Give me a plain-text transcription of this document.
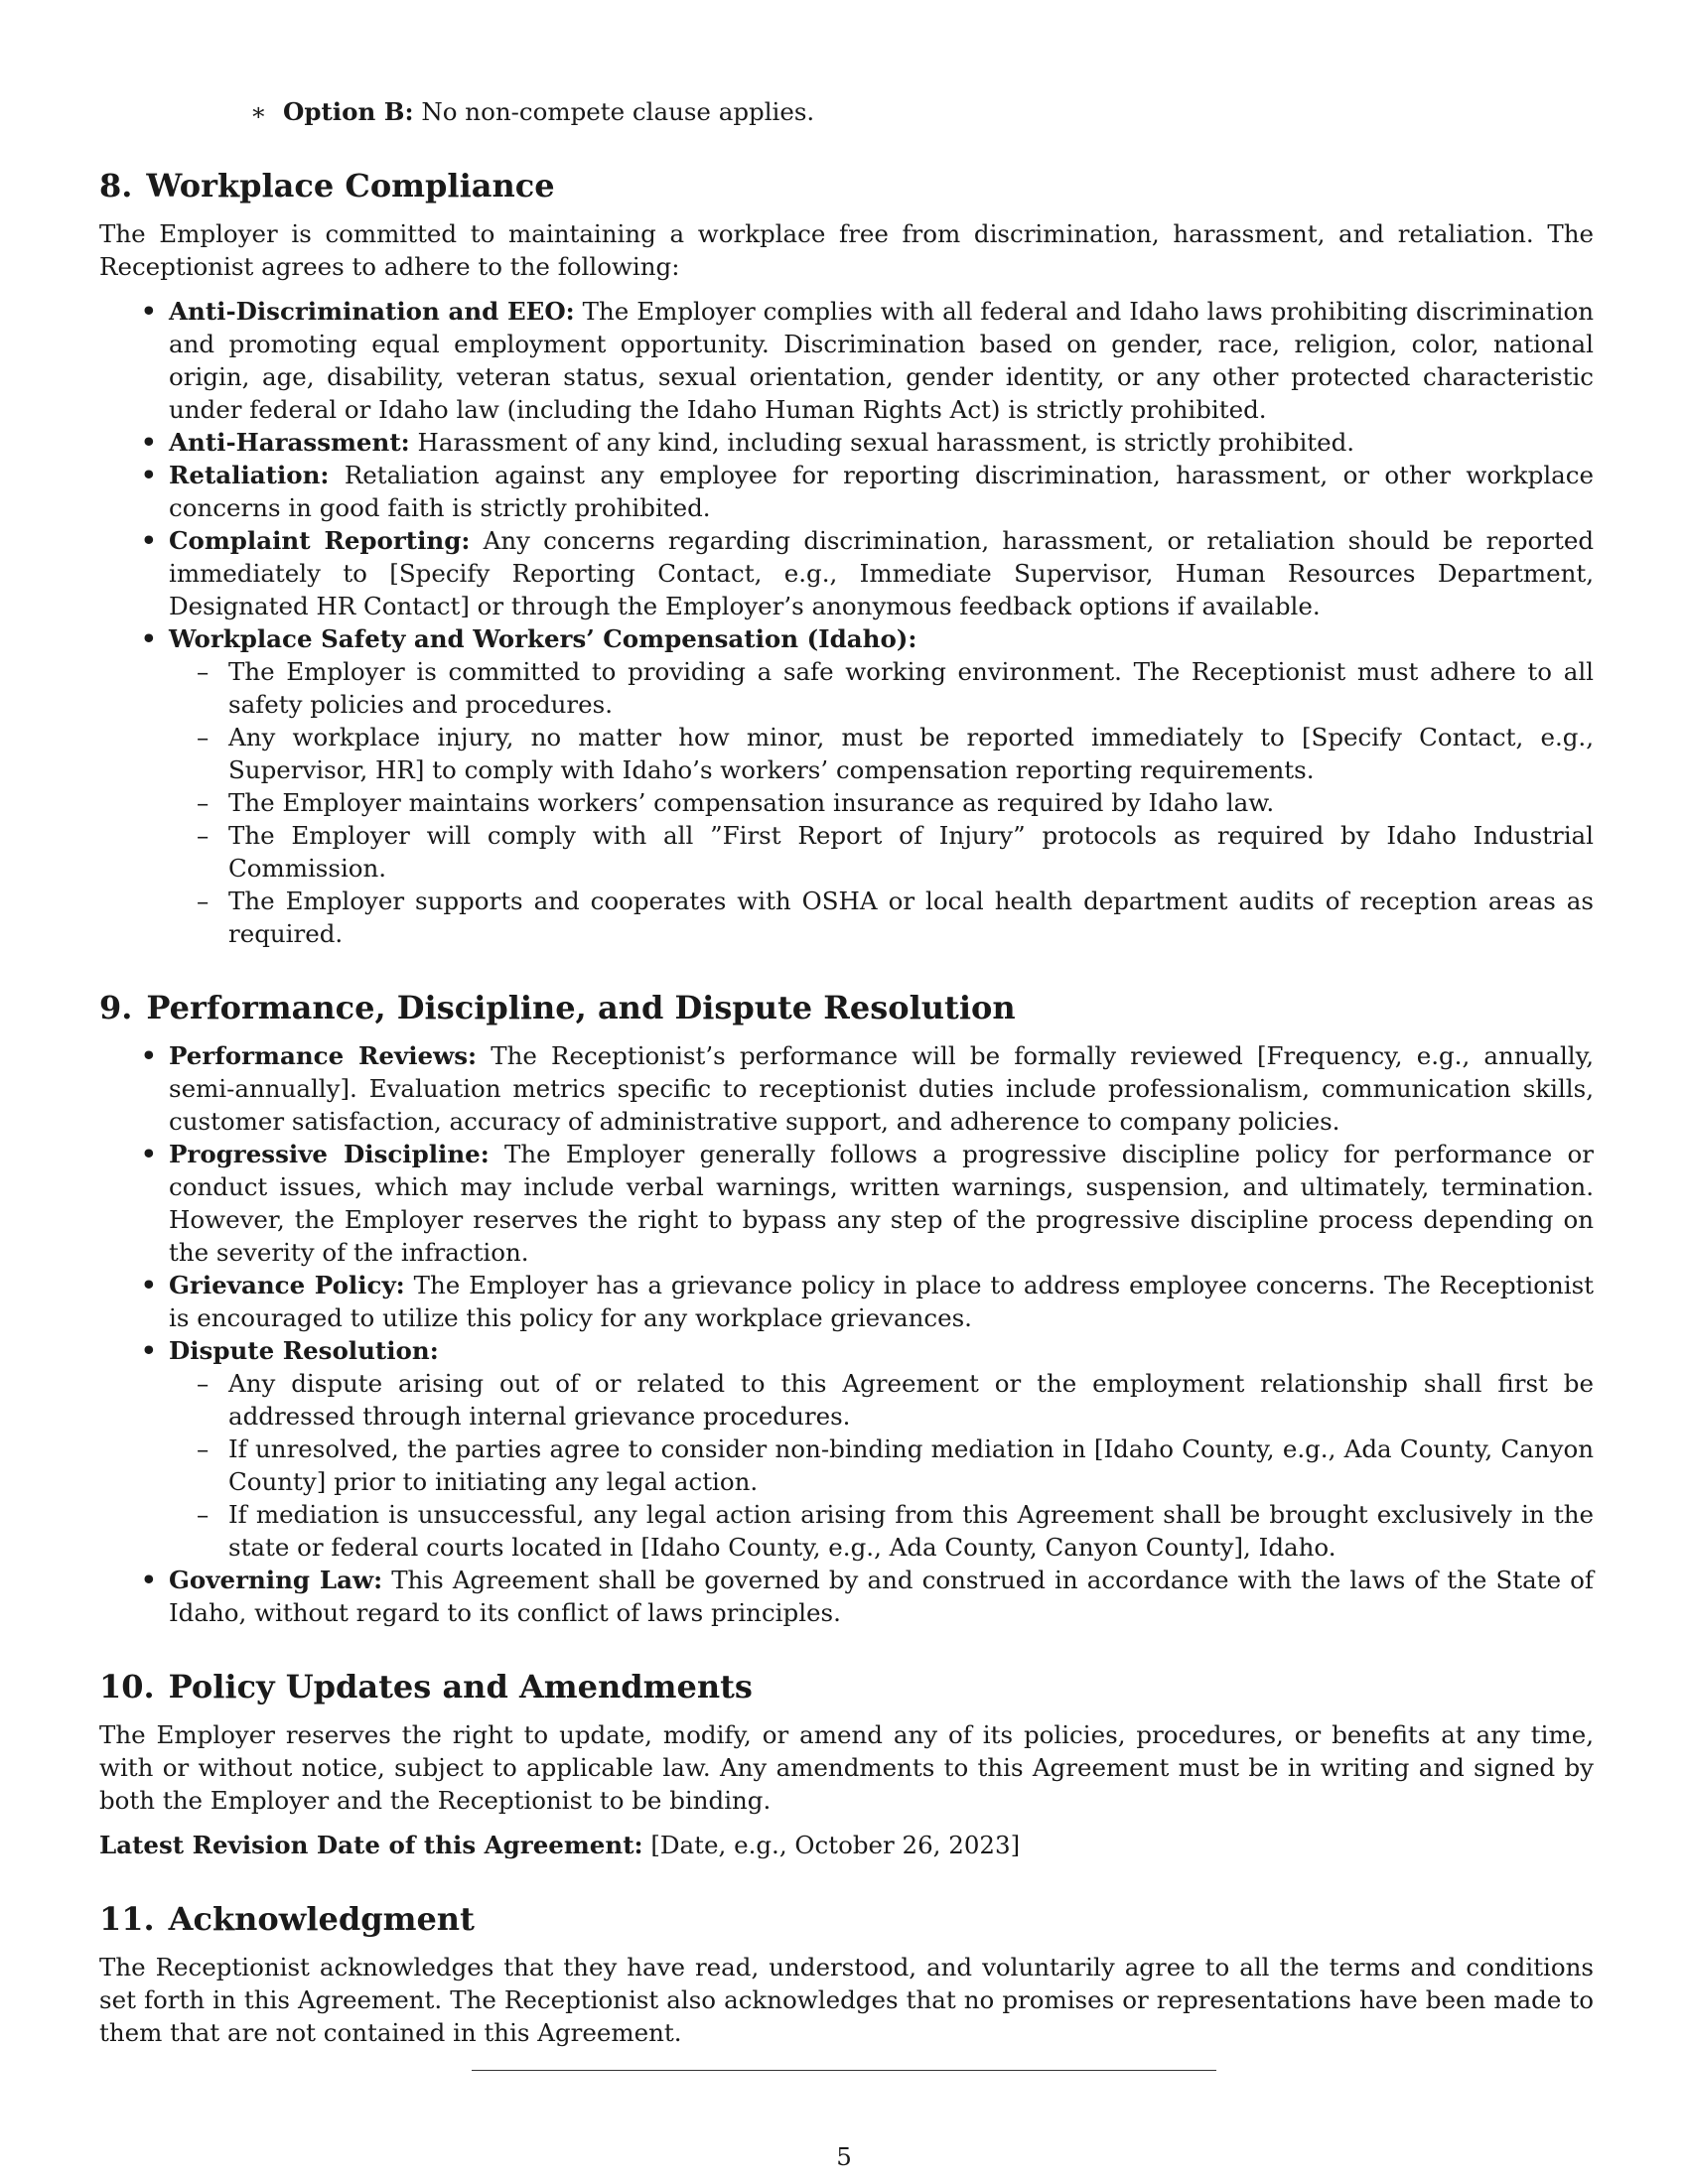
∗ Option B: No non-compete clause applies.
8. Workplace Compliance

The Employer is committed to maintaining a workplace free from discrimination, harassment, and retaliation. The Receptionist agrees to adhere to the following:

• Anti-Discrimination and EEO: The Employer complies with all federal and Idaho laws prohibiting discrimination and promoting equal employment opportunity. Discrimination based on gender, race, religion, color, national origin, age, disability, veteran status, sexual orientation, gender identity, or any other protected characteristic under federal or Idaho law (including the Idaho Human Rights Act) is strictly prohibited.
• Anti-Harassment: Harassment of any kind, including sexual harassment, is strictly prohibited.
• Retaliation: Retaliation against any employee for reporting discrimination, harassment, or other workplace concerns in good faith is strictly prohibited.
• Complaint Reporting: Any concerns regarding discrimination, harassment, or retaliation should be reported immediately to [Specify Reporting Contact, e.g., Immediate Supervisor, Human Resources Department, Designated HR Contact] or through the Employer’s anonymous feedback options if available.
• Workplace Safety and Workers’ Compensation (Idaho):
– The Employer is committed to providing a safe working environment. The Receptionist must adhere to all safety policies and procedures.
– Any workplace injury, no matter how minor, must be reported immediately to [Specify Contact, e.g., Supervisor, HR] to comply with Idaho’s workers’ compensation reporting requirements.
– The Employer maintains workers’ compensation insurance as required by Idaho law.
– The Employer will comply with all ”First Report of Injury” protocols as required by Idaho Industrial Commission.
– The Employer supports and cooperates with OSHA or local health department audits of reception areas as required.
9. Performance, Discipline, and Dispute Resolution
• Performance Reviews: The Receptionist’s performance will be formally reviewed [Frequency, e.g., annually, semi-annually]. Evaluation metrics specific to receptionist duties include professionalism, communication skills, customer satisfaction, accuracy of administrative support, and adherence to company policies.
• Progressive Discipline: The Employer generally follows a progressive discipline policy for performance or conduct issues, which may include verbal warnings, written warnings, suspension, and ultimately, termination. However, the Employer reserves the right to bypass any step of the progressive discipline process depending on the severity of the infraction.
• Grievance Policy: The Employer has a grievance policy in place to address employee concerns. The Receptionist is encouraged to utilize this policy for any workplace grievances.
• Dispute Resolution:
– Any dispute arising out of or related to this Agreement or the employment relationship shall first be addressed through internal grievance procedures.
– If unresolved, the parties agree to consider non-binding mediation in [Idaho County, e.g., Ada County, Canyon County] prior to initiating any legal action.
– If mediation is unsuccessful, any legal action arising from this Agreement shall be brought exclusively in the state or federal courts located in [Idaho County, e.g., Ada County, Canyon County], Idaho.
• Governing Law: This Agreement shall be governed by and construed in accordance with the laws of the State of Idaho, without regard to its conflict of laws principles.
10. Policy Updates and Amendments

The Employer reserves the right to update, modify, or amend any of its policies, procedures, or benefits at any time, with or without notice, subject to applicable law. Any amendments to this Agreement must be in writing and signed by both the Employer and the Receptionist to be binding.

Latest Revision Date of this Agreement: [Date, e.g., October 26, 2023]

11. Acknowledgment

The Receptionist acknowledges that they have read, understood, and voluntarily agree to all the terms and conditions set forth in this Agreement. The Receptionist also acknowledges that no promises or representations have been made to them that are not contained in this Agreement.

5
